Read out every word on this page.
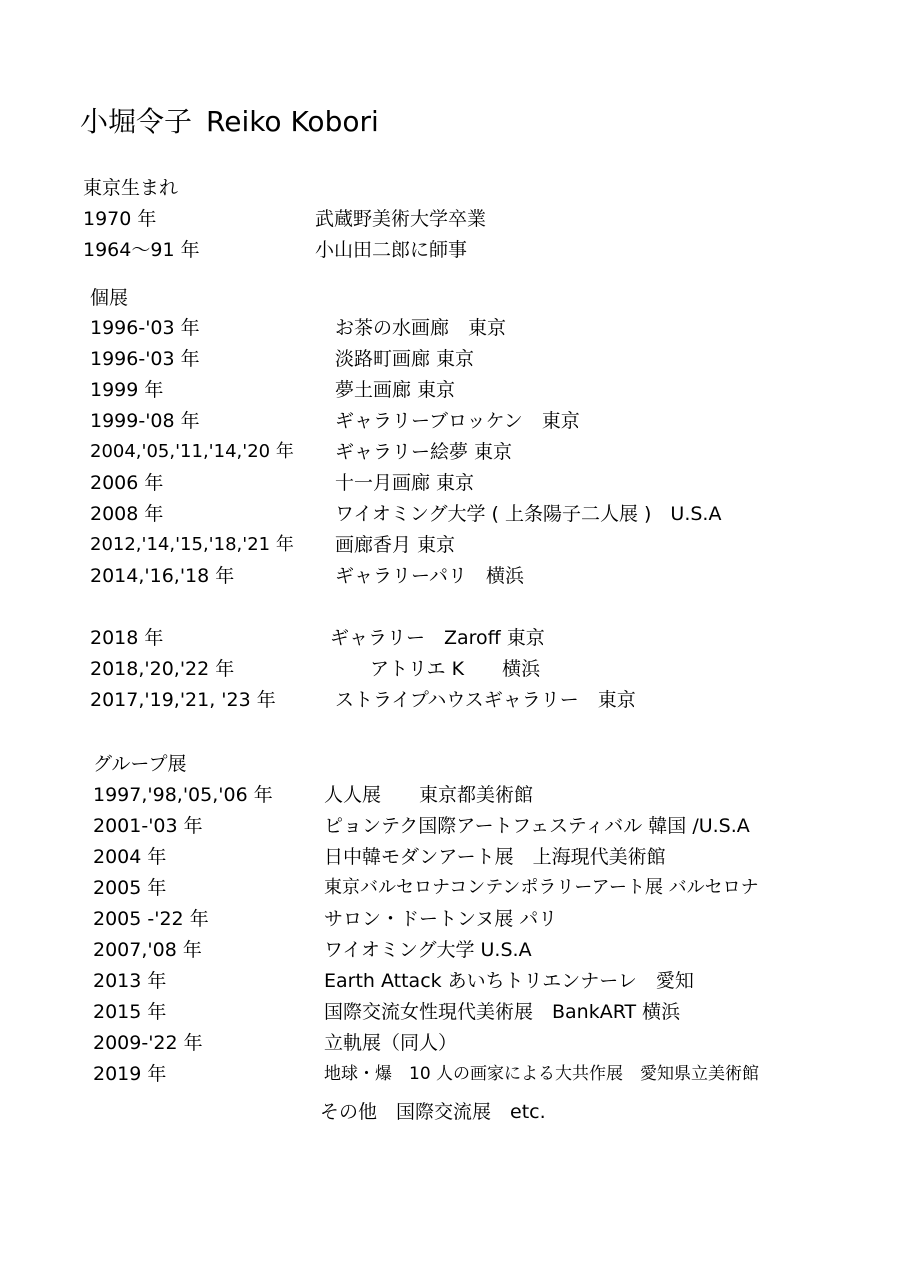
小堀令子 Reiko Kobori
東京生まれ
1970 年	武蔵野美術大学卒業
1964〜91 年	小山田二郎に師事
個展
1996-'03 年	お茶の水画廊　東京
1996-'03 年	淡路町画廊 東京
1999 年	夢土画廊 東京
1999-'08 年	ギャラリーブロッケン　東京
2004,'05,'11,'14,'20 年 ギャラリー絵夢 東京
2006 年	十一月画廊 東京
2008 年	ワイオミング大学 ( 上条陽子二人展 )　U.S.A
2012,'14,'15,'18,'21 年 画廊香月 東京
2014,'16,'18 年	ギャラリーパリ　横浜
2018 年	ギャラリー　Zaroff 東京
2018,'20,'22 年	アトリエ K　　横浜
2017,'19,'21, '23 年	ストライプハウスギャラリー　東京
グループ展
1997,'98,'05,'06 年	人人展　　東京都美術館
2001-'03 年	ピョンテク国際アートフェスティバル 韓国 /U.S.A
2004 年	日中韓モダンアート展　上海現代美術館
2005 年	東京バルセロナコンテンポラリーアート展 バルセロナ
2005 -'22 年	サロン・ドートンヌ展 パリ
2007,'08 年	ワイオミング大学 U.S.A
2013 年	Earth Attack あいちトリエンナーレ　愛知
2015 年	国際交流女性現代美術展　BankART 横浜
2009-'22 年	立軌展（同人）
2019 年	地球・爆　10 人の画家による大共作展　愛知県立美術館
その他　国際交流展　etc.
